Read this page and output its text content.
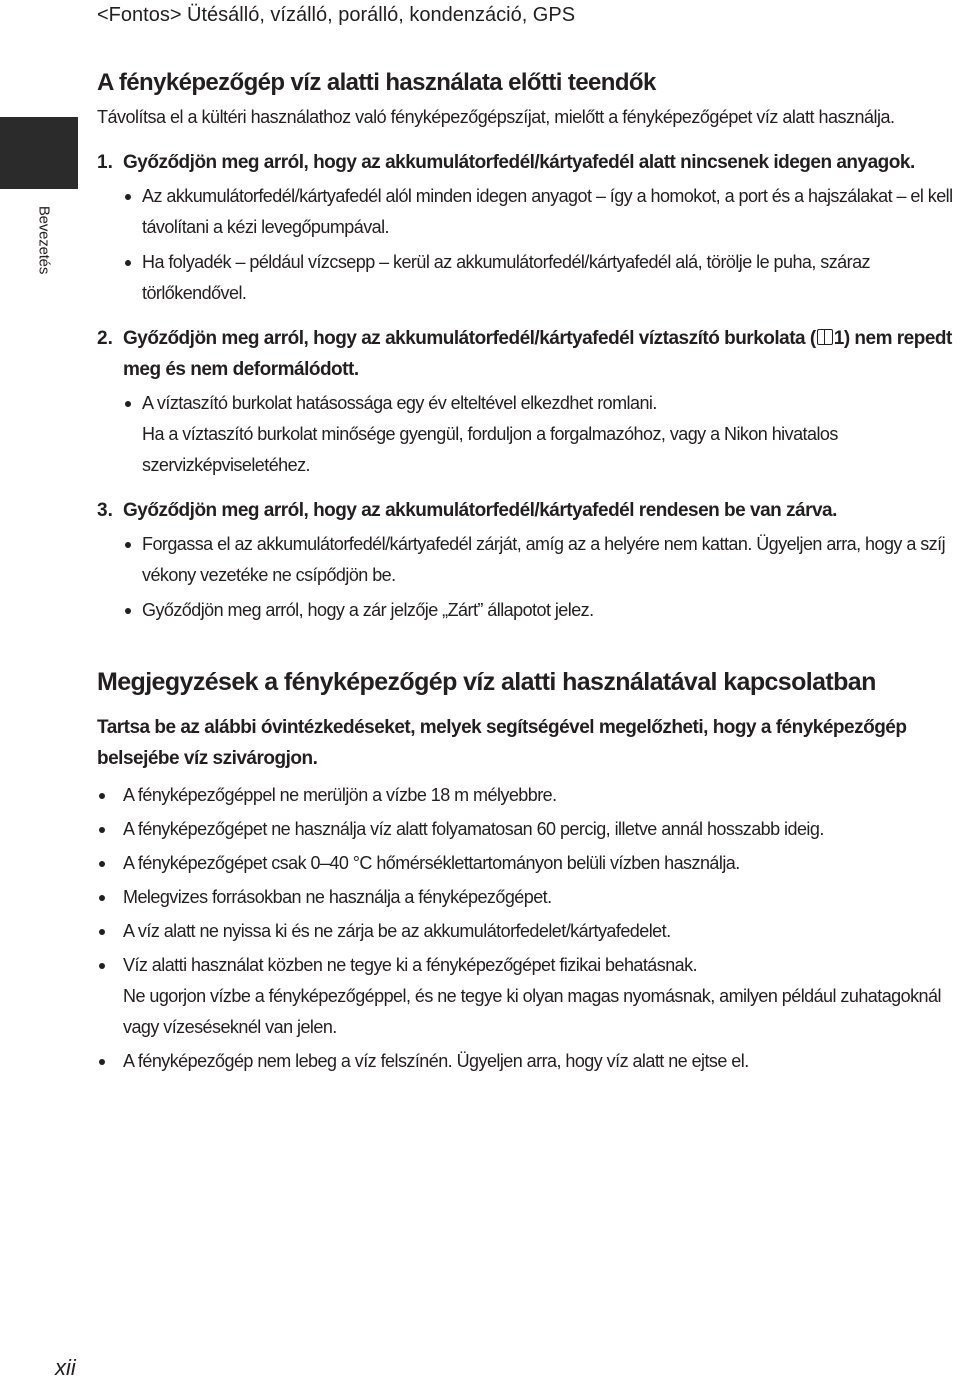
<Fontos> Ütésálló, vízálló, porálló, kondenzáció, GPS
Bevezetés
A fényképezőgép víz alatti használata előtti teendők

Távolítsa el a kültéri használathoz való fényképezőgépszíjat, mielőtt a fényképezőgépet víz alatt használja.

1. Győződjön meg arról, hogy az akkumulátorfedél/kártyafedél alatt nincsenek idegen anyagok.
Az akkumulátorfedél/kártyafedél alól minden idegen anyagot – így a homokot, a port és a hajszálakat – el kell távolítani a kézi levegőpumpával.
Ha folyadék – például vízcsepp – kerül az akkumulátorfedél/kártyafedél alá, törölje le puha, száraz törlőkendővel.
2. Győződjön meg arról, hogy az akkumulátorfedél/kártyafedél víztaszító burkolata ( 1) nem repedt meg és nem deformálódott.
A víztaszító burkolat hatásossága egy év elteltével elkezdhet romlani.
Ha a víztaszító burkolat minősége gyengül, forduljon a forgalmazóhoz, vagy a Nikon hivatalos szervizképviseletéhez.
3. Győződjön meg arról, hogy az akkumulátorfedél/kártyafedél rendesen be van zárva.
Forgassa el az akkumulátorfedél/kártyafedél zárját, amíg az a helyére nem kattan. Ügyeljen arra, hogy a szíj vékony vezetéke ne csípődjön be.
Győződjön meg arról, hogy a zár jelzője „Zárt” állapotot jelez.
Megjegyzések a fényképezőgép víz alatti használatával kapcsolatban
Tartsa be az alábbi óvintézkedéseket, melyek segítségével megelőzheti, hogy a fényképezőgép belsejébe víz szivárogjon.
A fényképezőgéppel ne merüljön a vízbe 18 m mélyebbre.
A fényképezőgépet ne használja víz alatt folyamatosan 60 percig, illetve annál hosszabb ideig.
A fényképezőgépet csak 0–40 °C hőmérséklettartományon belüli vízben használja.
Melegvizes forrásokban ne használja a fényképezőgépet.
A víz alatt ne nyissa ki és ne zárja be az akkumulátorfedelet/kártyafedelet.
Víz alatti használat közben ne tegye ki a fényképezőgépet fizikai behatásnak.
Ne ugorjon vízbe a fényképezőgéppel, és ne tegye ki olyan magas nyomásnak, amilyen például zuhatagoknál vagy vízeséseknél van jelen.
A fényképezőgép nem lebeg a víz felszínén. Ügyeljen arra, hogy víz alatt ne ejtse el.
xii
